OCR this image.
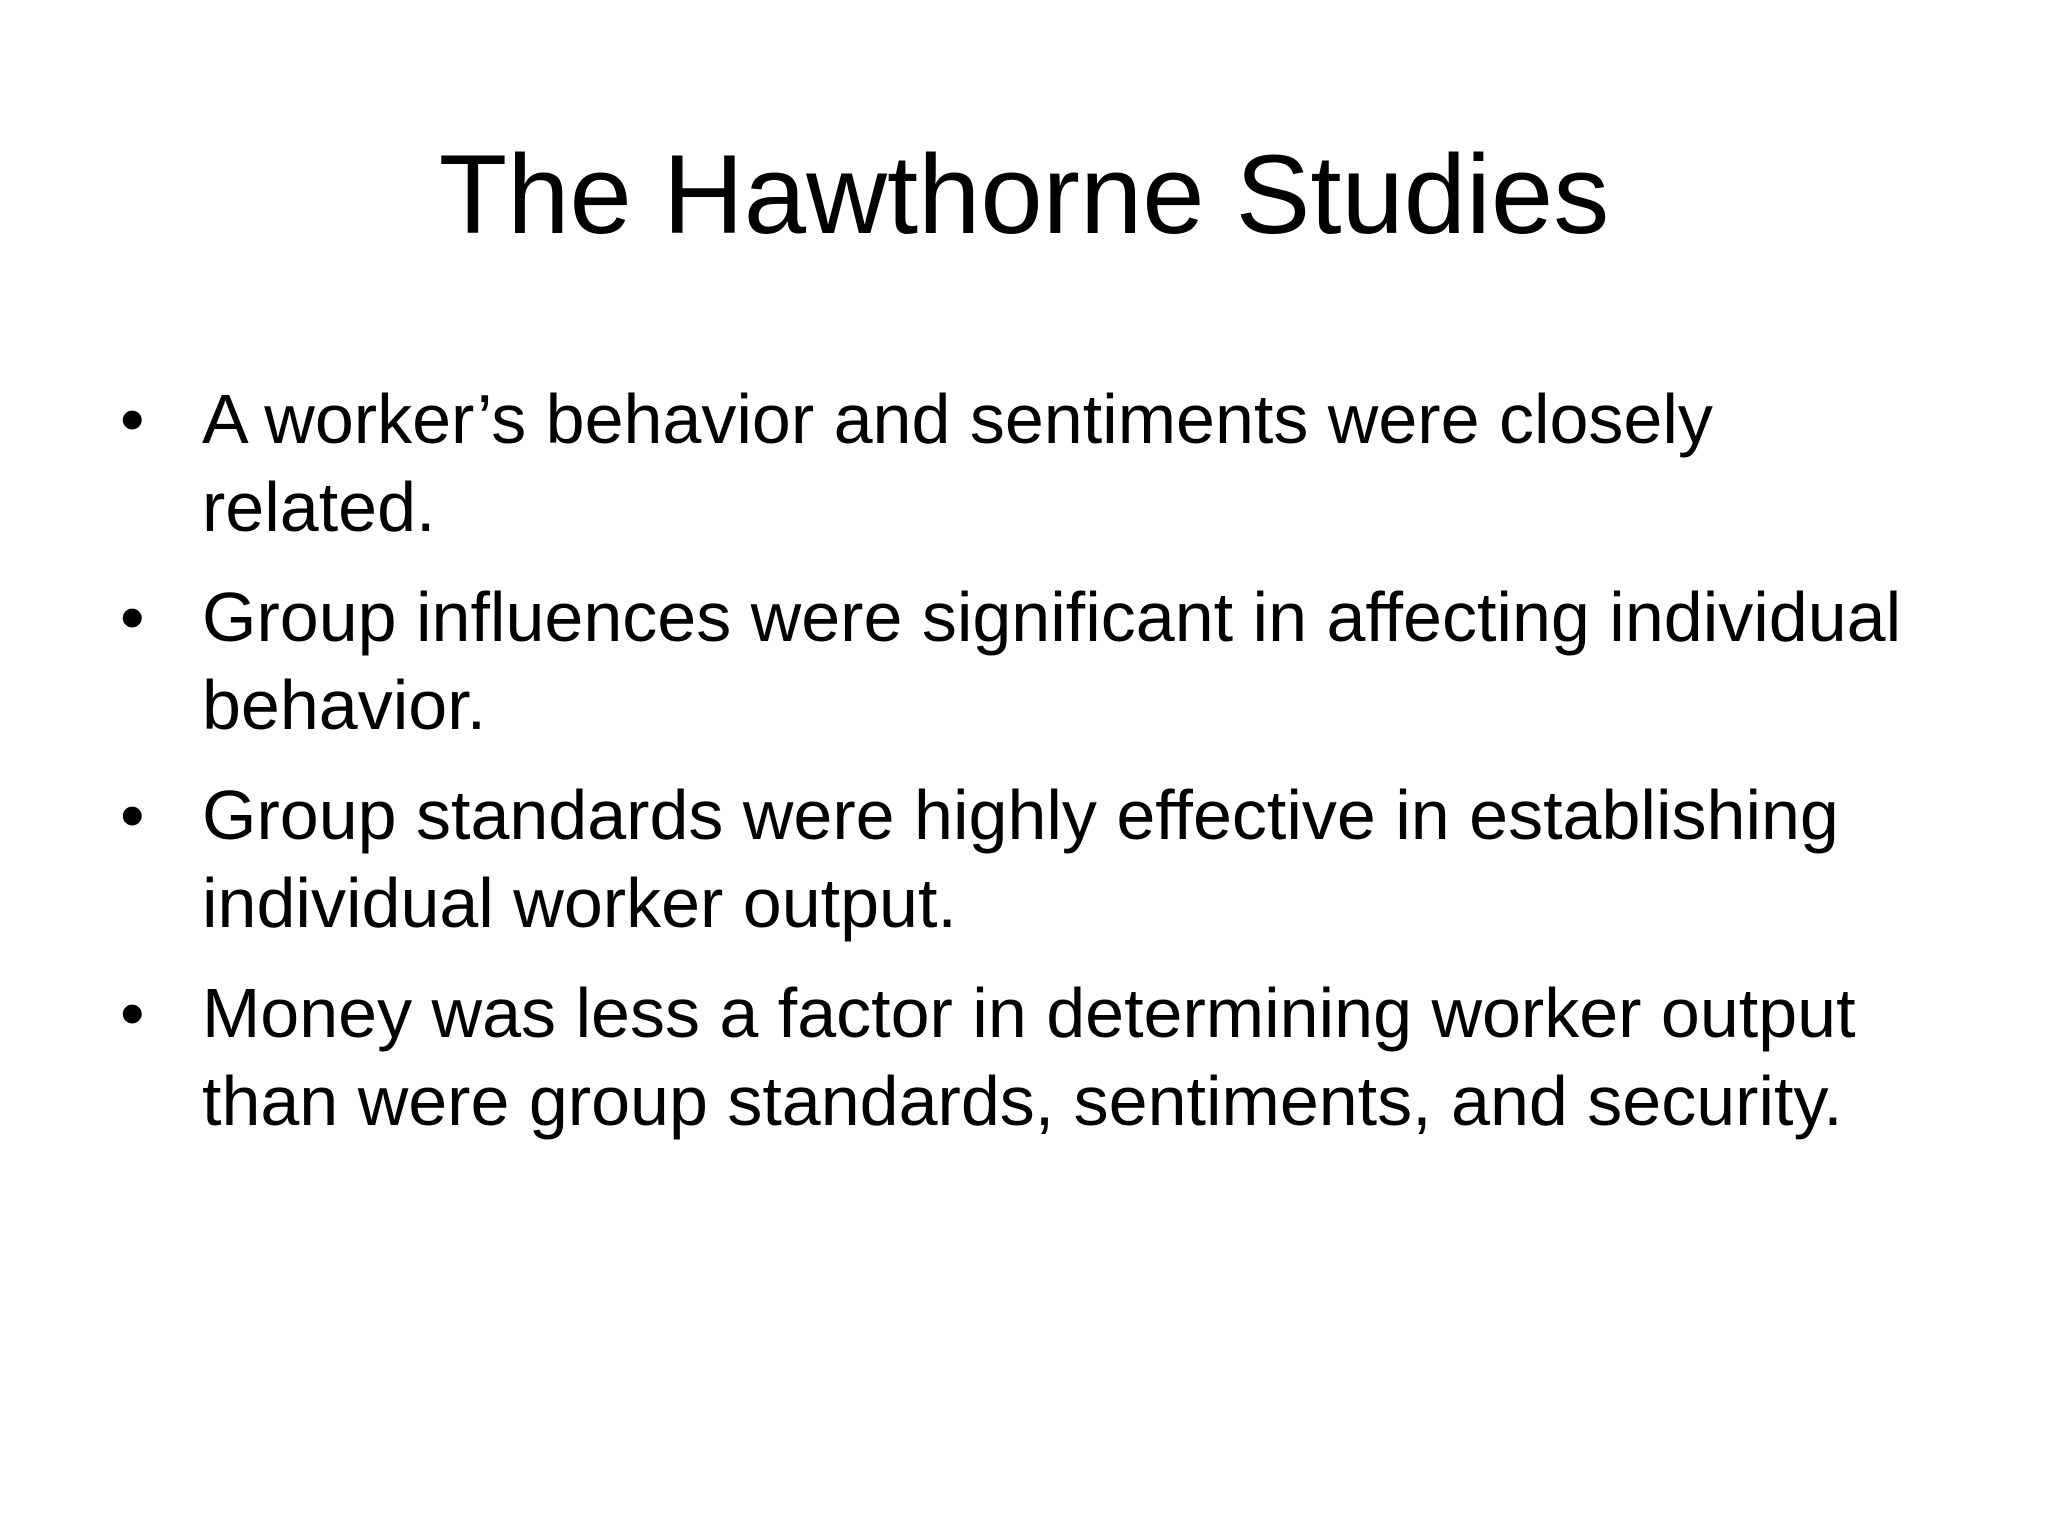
The Hawthorne Studies
• A worker’s behavior and sentiments were closely related.
• Group influences were significant in affecting individual behavior.
• Group standards were highly effective in establishing individual worker output.
• Money was less a factor in determining worker output than were group standards, sentiments, and security.
